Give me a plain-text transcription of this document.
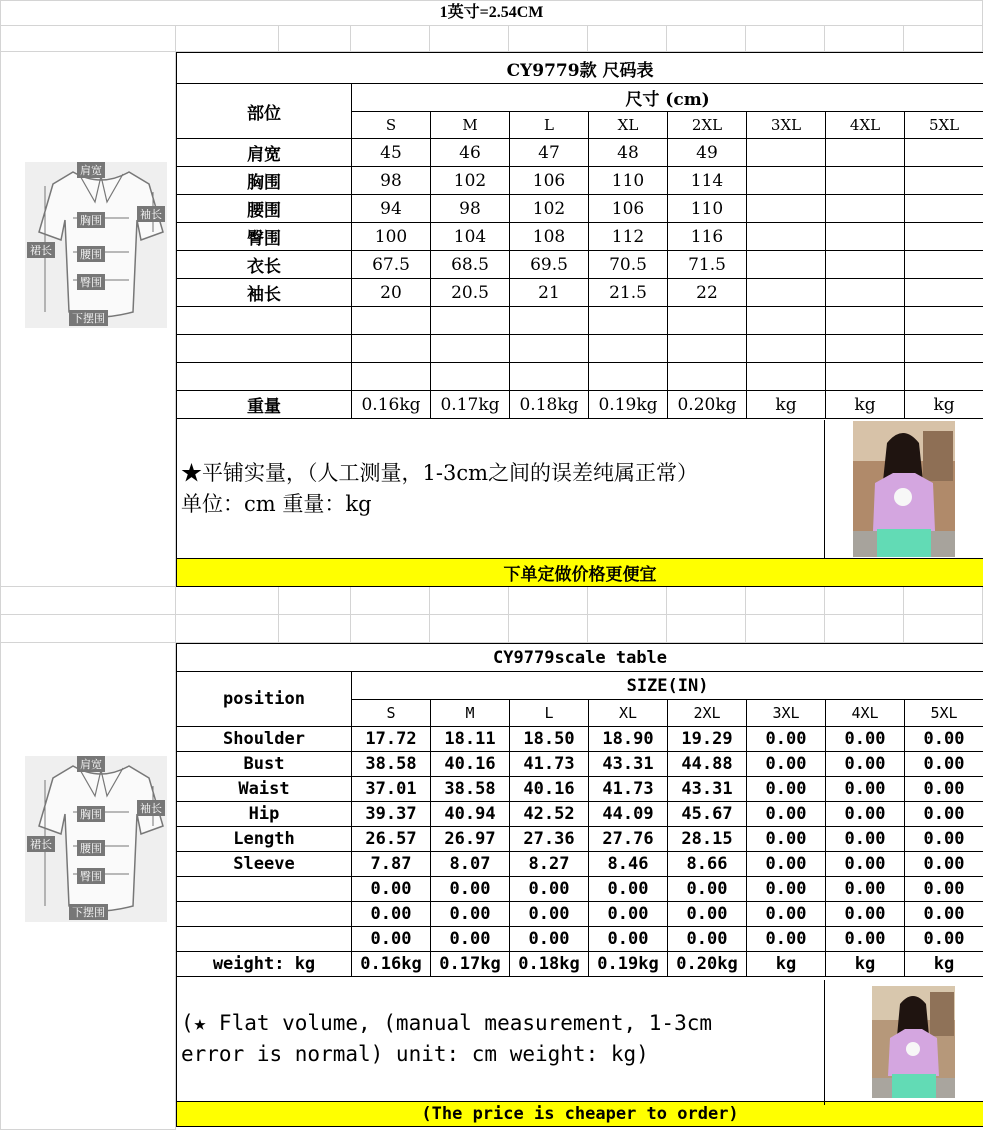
1英寸=2.54CM
肩宽
袖长
胸围
腰围
臀围
裙长
下摆围
肩宽
袖长
胸围
腰围
臀围
裙长
下摆围
CY9779款 尺码表								
部位	尺寸 (cm)							
	S	M	L	XL	2XL	3XL	4XL	5XL
肩宽	45	46	47	48	49			
胸围	98	102	106	110	114			
腰围	94	98	102	106	110			
臀围	100	104	108	112	116			
衣长	67.5	68.5	69.5	70.5	71.5			
袖长	20	20.5	21	21.5	22			

重量	0.16kg	0.17kg	0.18kg	0.19kg	0.20kg	kg	kg	kg

★平铺实量，（人工测量，1-3cm之间的误差纯属正常）
单位：cm 重量：kg								

下单定做价格更便宜								
CY9779scale table								
position	SIZE(IN)							
	S	M	L	XL	2XL	3XL	4XL	5XL
Shoulder	17.72	18.11	18.50	18.90	19.29	0.00	0.00	0.00
Bust	38.58	40.16	41.73	43.31	44.88	0.00	0.00	0.00
Waist	37.01	38.58	40.16	41.73	43.31	0.00	0.00	0.00
Hip	39.37	40.94	42.52	44.09	45.67	0.00	0.00	0.00
Length	26.57	26.97	27.36	27.76	28.15	0.00	0.00	0.00
Sleeve	7.87	8.07	8.27	8.46	8.66	0.00	0.00	0.00
	0.00	0.00	0.00	0.00	0.00	0.00	0.00	0.00
	0.00	0.00	0.00	0.00	0.00	0.00	0.00	0.00
	0.00	0.00	0.00	0.00	0.00	0.00	0.00	0.00
weight: kg	0.16kg	0.17kg	0.18kg	0.19kg	0.20kg	kg	kg	kg

(★ Flat volume, (manual measurement, 1-3cm
error is normal) unit: cm weight: kg)								

(The price is cheaper to order)								
